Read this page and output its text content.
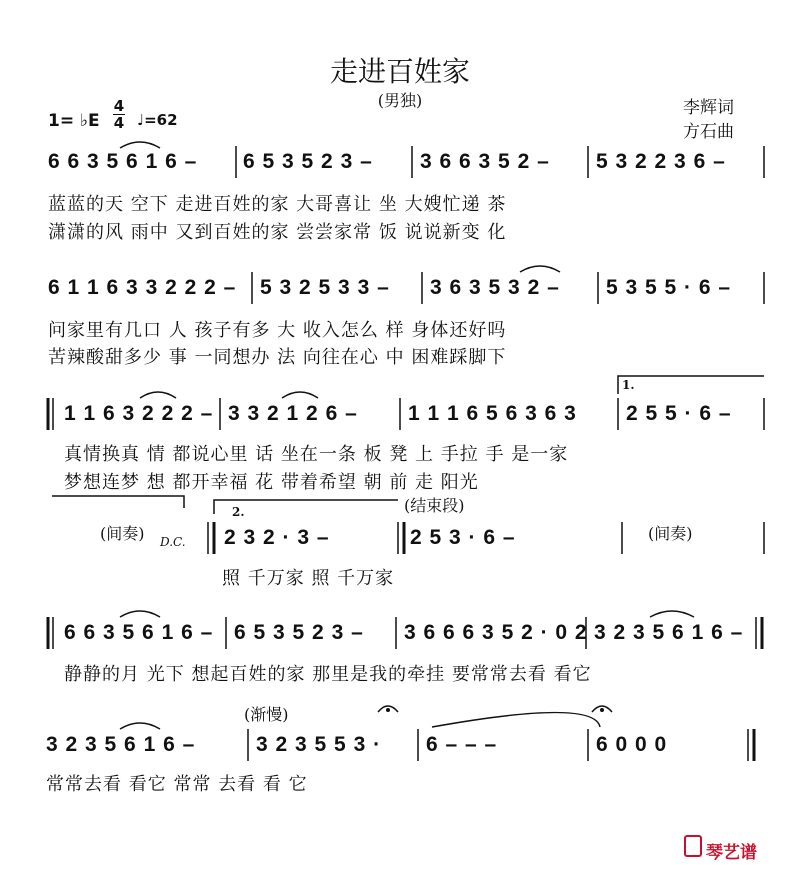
走进百姓家
(男独)	李辉词
方石曲
1= ♭E
4
4 ♩=62
6 6 3 5 6 1 6 – 6 5 3 5 2 3 – 3 6 6 3 5 2 – 5 3 2 2 3 6 –
蓝蓝的天 空下 走进百姓的家 大哥喜让 坐 大嫂忙递 茶
潇潇的风 雨中 又到百姓的家 尝尝家常 饭 说说新变 化
6 1 1 6 3 3 2 2 2 – 5 3 2 5 3 3 – 3 6 3 5 3 2 – 5 3 5 5 · 6 –
问家里有几口 人 孩子有多 大 收入怎么 样 身体还好吗
苦辣酸甜多少 事 一同想办 法 向往在心 中 困难踩脚下
1.
1 1 6 3 2 2 2 – 3 3 2 1 2 6 – 1 1 1 6 5 6 3 6 3 2 5 5 · 6 –
真情换真 情 都说心里 话 坐在一条 板 凳 上 手拉 手 是一家
梦想连梦 想 都开幸福 花 带着希望 朝 前 走 阳光
(结束段)
2.
(间奏) D.C. 2 3 2 · 3 –	2 5 3 · 6 –	(间奏)
照 千万家 照 千万家
6 6 3 5 6 1 6 – 6 5 3 5 2 3 – 3 6 6 6 3 5 2 · 0 2 3 2 3 5 6 1 6 –
静静的月 光下 想起百姓的家 那里是我的牵挂 要常常去看 看它
(渐慢)
3 2 3 5 6 1 6 –	3 2 3 5 5 3 · 6 – – –	6 0 0 0
常常去看 看它 常常 去看 看 它
琴艺谱
